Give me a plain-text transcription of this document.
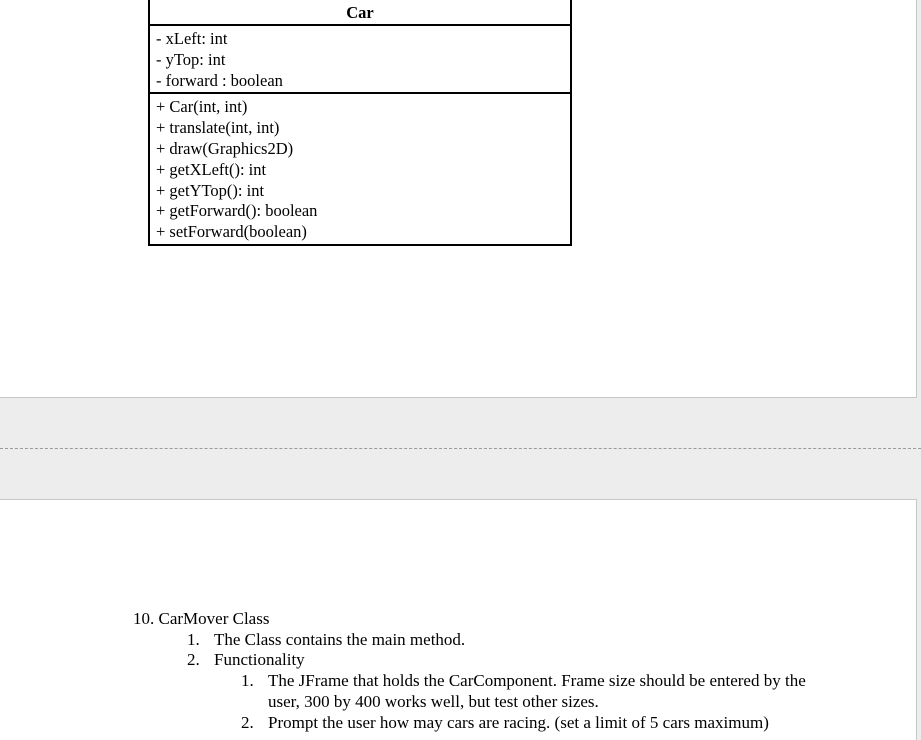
Car
- xLeft: int
- yTop: int
- forward : boolean
+ Car(int, int)
+ translate(int, int)
+ draw(Graphics2D)
+ getXLeft(): int
+ getYTop(): int
+ getForward(): boolean
+ setForward(boolean)
10. CarMover Class
1. The Class contains the main method.
2. Functionality
1. The JFrame that holds the CarComponent. Frame size should be entered by the user, 300 by 400 works well, but test other sizes.
2. Prompt the user how may cars are racing. (set a limit of 5 cars maximum)
